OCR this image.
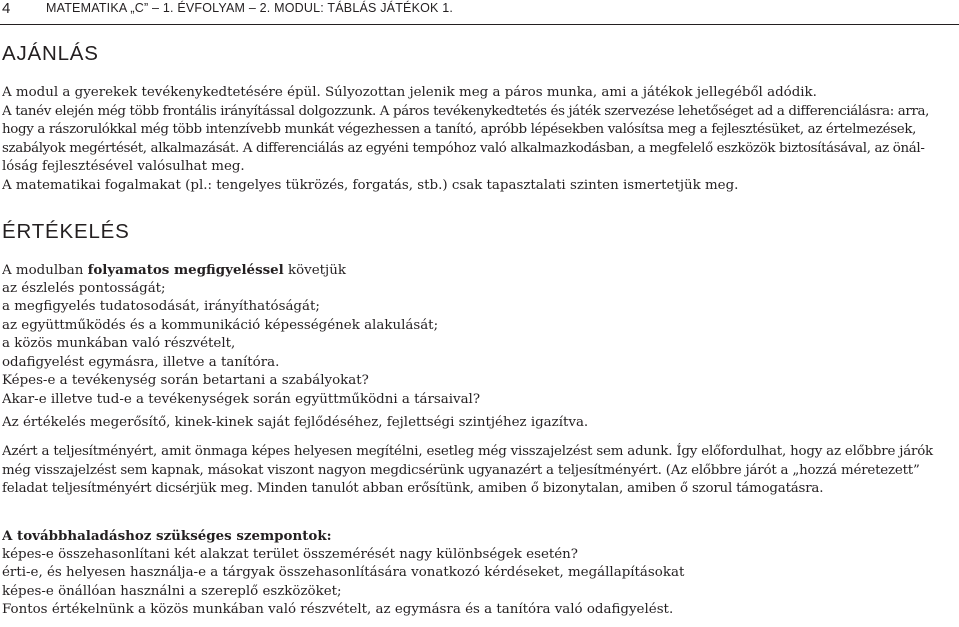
4	MATEMATIKA „C” – 1. ÉVFOLYAM – 2. MODUL: TÁBLÁS JÁTÉKOK 1.
AJÁNLÁS
A modul a gyerekek tevékenykedtetésére épül. Súlyozottan jelenik meg a páros munka, ami a játékok jellegéből adódik.
A tanév elején még több frontális irányítással dolgozzunk. A páros tevékenykedtetés és játék szervezése lehetőséget ad a differenciálásra: arra,
hogy a rászorulókkal még több intenzívebb munkát végezhessen a tanító, apróbb lépésekben valósítsa meg a fejlesztésüket, az értelmezések,
szabályok megértését, alkalmazását. A differenciálás az egyéni tempóhoz való alkalmazkodásban, a megfelelő eszközök biztosításával, az önál-
lóság fejlesztésével valósulhat meg.
A matematikai fogalmakat (pl.: tengelyes tükrözés, forgatás, stb.) csak tapasztalati szinten ismertetjük meg.
ÉRTÉKELÉS
A modulban folyamatos megfigyeléssel követjük
az észlelés pontosságát;
a megfigyelés tudatosodását, irányíthatóságát;
az együttműködés és a kommunikáció képességének alakulását;
a közös munkában való részvételt,
odafigyelést egymásra, illetve a tanítóra.
Képes-e a tevékenység során betartani a szabályokat?
Akar-e illetve tud-e a tevékenységek során együttműködni a társaival?
Az értékelés megerősítő, kinek-kinek saját fejlődéséhez, fejlettségi szintjéhez igazítva.
Azért a teljesítményért, amit önmaga képes helyesen megítélni, esetleg még visszajelzést sem adunk. Így előfordulhat, hogy az előbbre járók
még visszajelzést sem kapnak, másokat viszont nagyon megdicsérünk ugyanazért a teljesítményért. (Az előbbre járót a „hozzá méretezett”
feladat teljesítményért dicsérjük meg. Minden tanulót abban erősítünk, amiben ő bizonytalan, amiben ő szorul támogatásra.
A továbbhaladáshoz szükséges szempontok:
képes-e összehasonlítani két alakzat terület összemérését nagy különbségek esetén?
érti-e, és helyesen használja-e a tárgyak összehasonlítására vonatkozó kérdéseket, megállapításokat
képes-e önállóan használni a szereplő eszközöket;
Fontos értékelnünk a közös munkában való részvételt, az egymásra és a tanítóra való odafigyelést.
